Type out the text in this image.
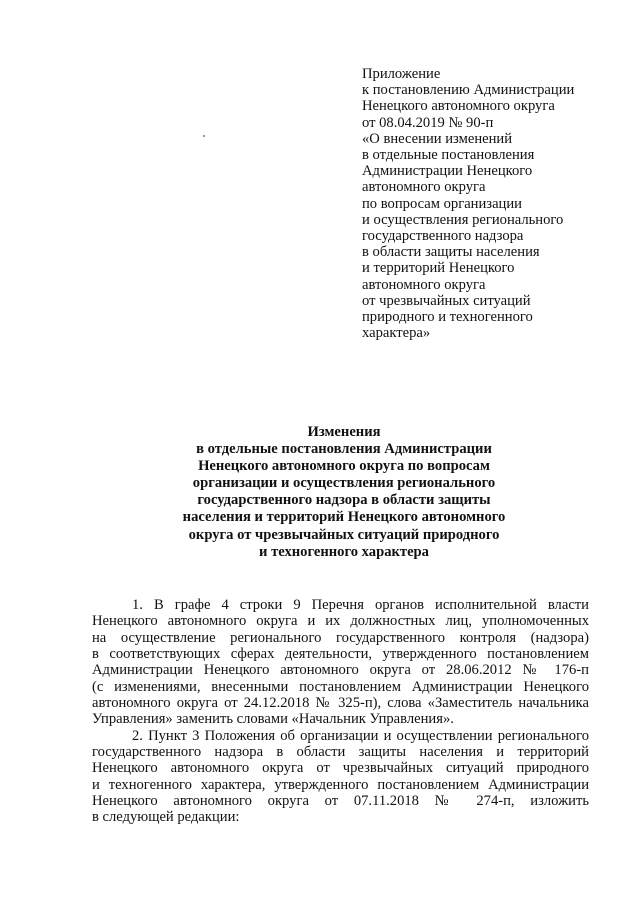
Приложение
к постановлению Администрации
Ненецкого автономного округа
от 08.04.2019 № 90-п
«О внесении изменений
в отдельные постановления
Администрации Ненецкого
автономного округа
по вопросам организации
и осуществления регионального
государственного надзора
в области защиты населения
и территорий Ненецкого
автономного округа
от чрезвычайных ситуаций
природного и техногенного
характера»
Изменения
в отдельные постановления Администрации
Ненецкого автономного округа по вопросам
организации и осуществления регионального
государственного надзора в области защиты
населения и территорий Ненецкого автономного
округа от чрезвычайных ситуаций природного
и техногенного характера
1. В графе 4 строки 9 Перечня органов исполнительной власти
Ненецкого автономного округа и их должностных лиц, уполномоченных
на осуществление регионального государственного контроля (надзора)
в соответствующих сферах деятельности, утвержденного постановлением
Администрации Ненецкого автономного округа от 28.06.2012 № 176-п
(с изменениями, внесенными постановлением Администрации Ненецкого
автономного округа от 24.12.2018 № 325-п), слова «Заместитель начальника
Управления» заменить словами «Начальник Управления».
2. Пункт 3 Положения об организации и осуществлении регионального
государственного надзора в области защиты населения и территорий
Ненецкого автономного округа от чрезвычайных ситуаций природного
и техногенного характера, утвержденного постановлением Администрации
Ненецкого автономного округа от 07.11.2018 № 274-п, изложить
в следующей редакции:
